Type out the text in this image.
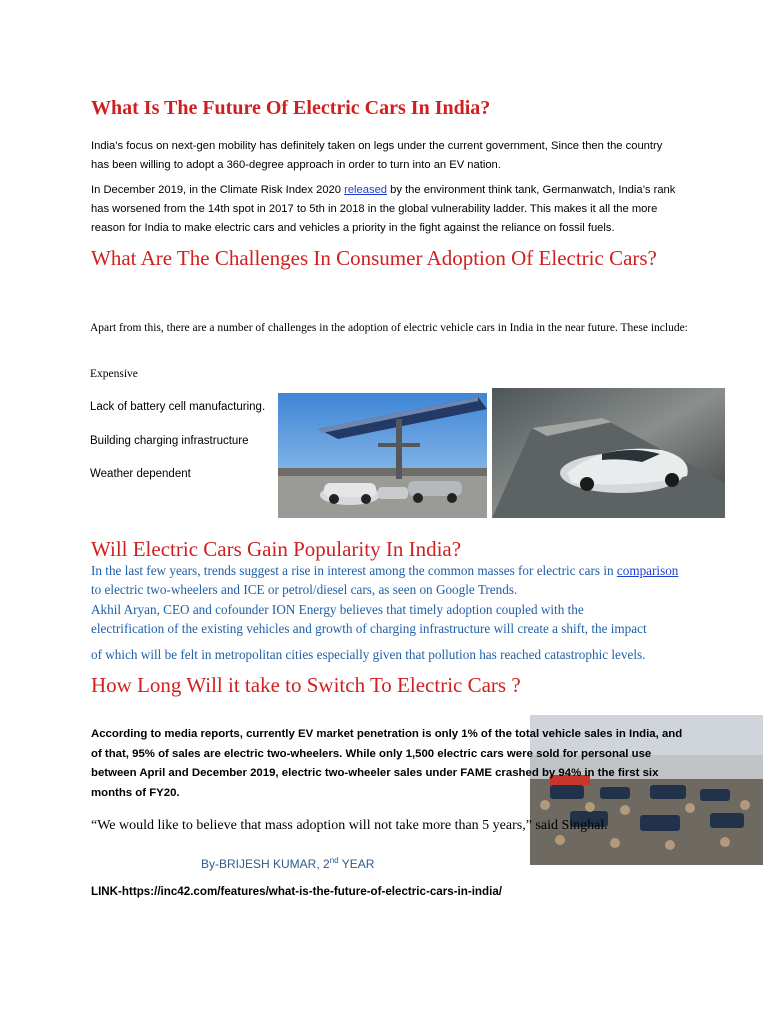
What Is The Future Of Electric Cars In India?

India’s focus on next-gen mobility has definitely taken on legs under the current government, Since then the country has been willing to adopt a 360-degree approach in order to turn into an EV nation.

In December 2019, in the Climate Risk Index 2020 released by the environment think tank, Germanwatch, India’s rank has worsened from the 14th spot in 2017 to 5th in 2018 in the global vulnerability ladder. This makes it all the more reason for India to make electric cars and vehicles a priority in the fight against the reliance on fossil fuels.

What Are The Challenges In Consumer Adoption Of Electric Cars?

Apart from this, there are a number of challenges in the adoption of electric vehicle cars in India in the near future. These include:

Expensive
Lack of battery cell manufacturing.
Building charging infrastructure
Weather dependent
Will Electric Cars Gain Popularity In India?

In the last few years, trends suggest a rise in interest among the common masses for electric cars in comparison to electric two-wheelers and ICE or petrol/diesel cars, as seen on Google Trends.

Akhil Aryan, CEO and cofounder ION Energy believes that timely adoption coupled with the
electrification of the existing vehicles and growth of charging infrastructure will create a shift, the impact
of which will be felt in metropolitan cities especially given that pollution has reached catastrophic levels.
How Long Will it take to Switch To Electric Cars ?

According to media reports, currently EV market penetration is only 1% of the total vehicle sales in India, and of that, 95% of sales are electric two-wheelers. While only 1,500 electric cars were sold for personal use between April and December 2019, electric two-wheeler sales under FAME crashed by 94% in the first six months of FY20.

“We would like to believe that mass adoption will not take more than 5 years,” said Singhal.
By-BRIJESH KUMAR, 2nd YEAR
LINK-https://inc42.com/features/what-is-the-future-of-electric-cars-in-india/
